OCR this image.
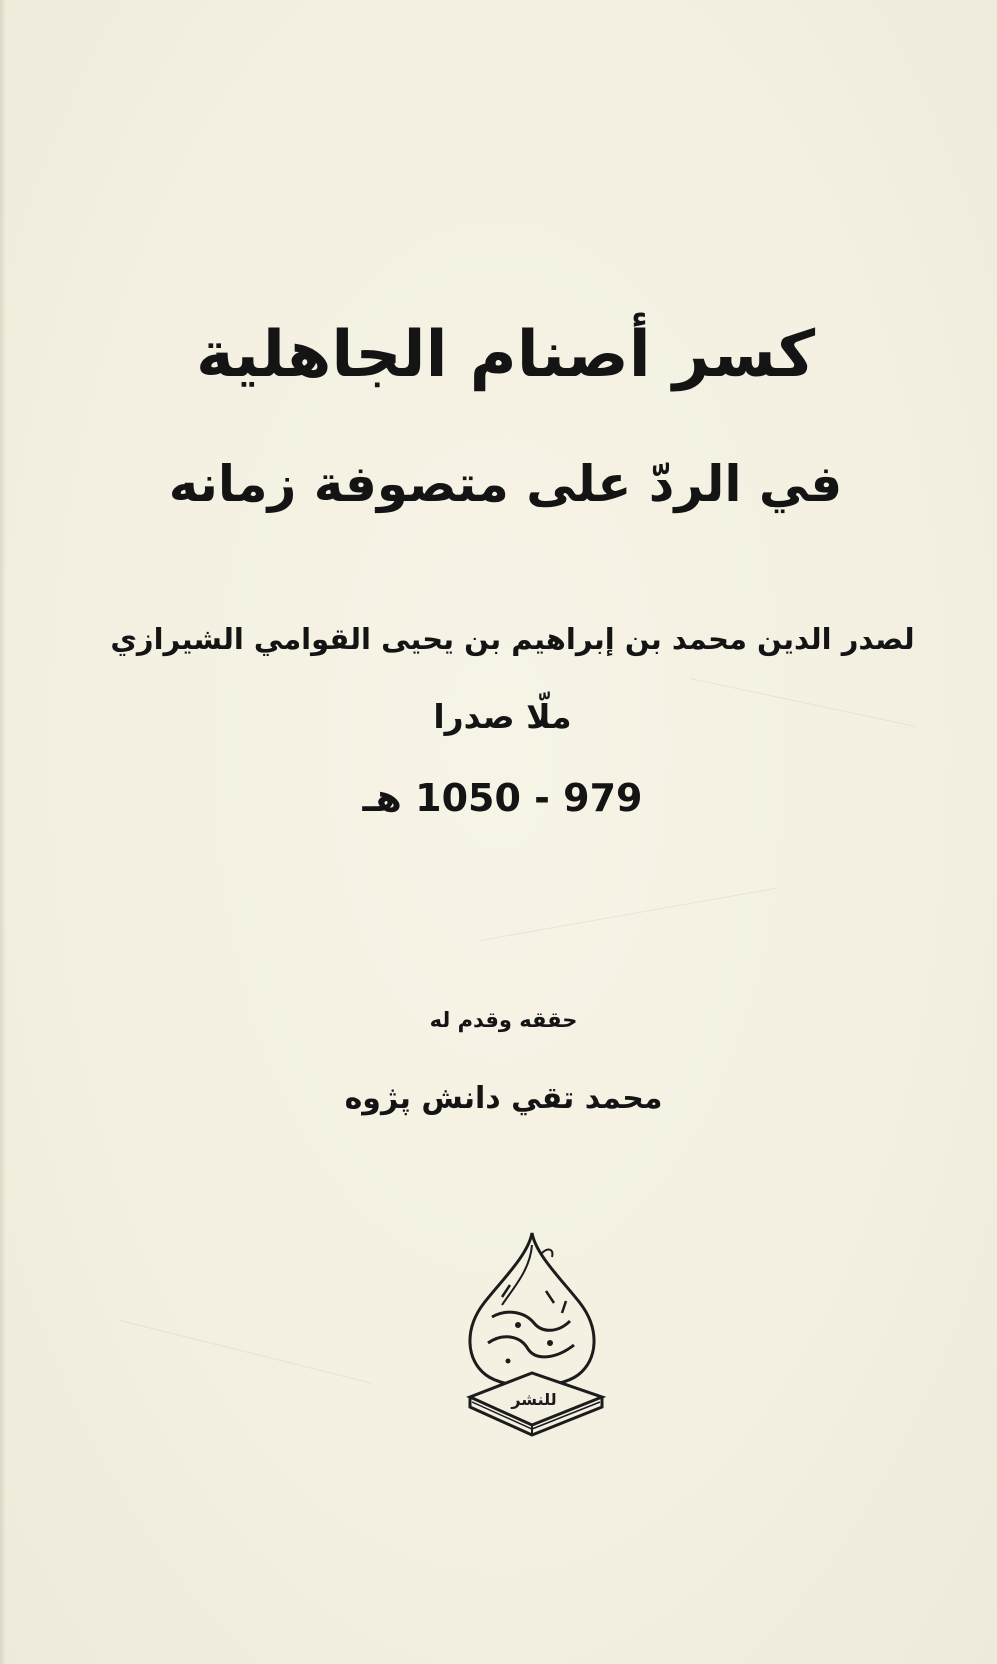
كسر أصنام الجاهلية
في الردّ على متصوفة زمانه
لصدر الدين محمد بن إبراهيم بن يحيى القوامي الشيرازي
ملّا صدرا
979 - 1050 هـ
حققه وقدم له
محمد تقي دانش پژوه
للنشر
